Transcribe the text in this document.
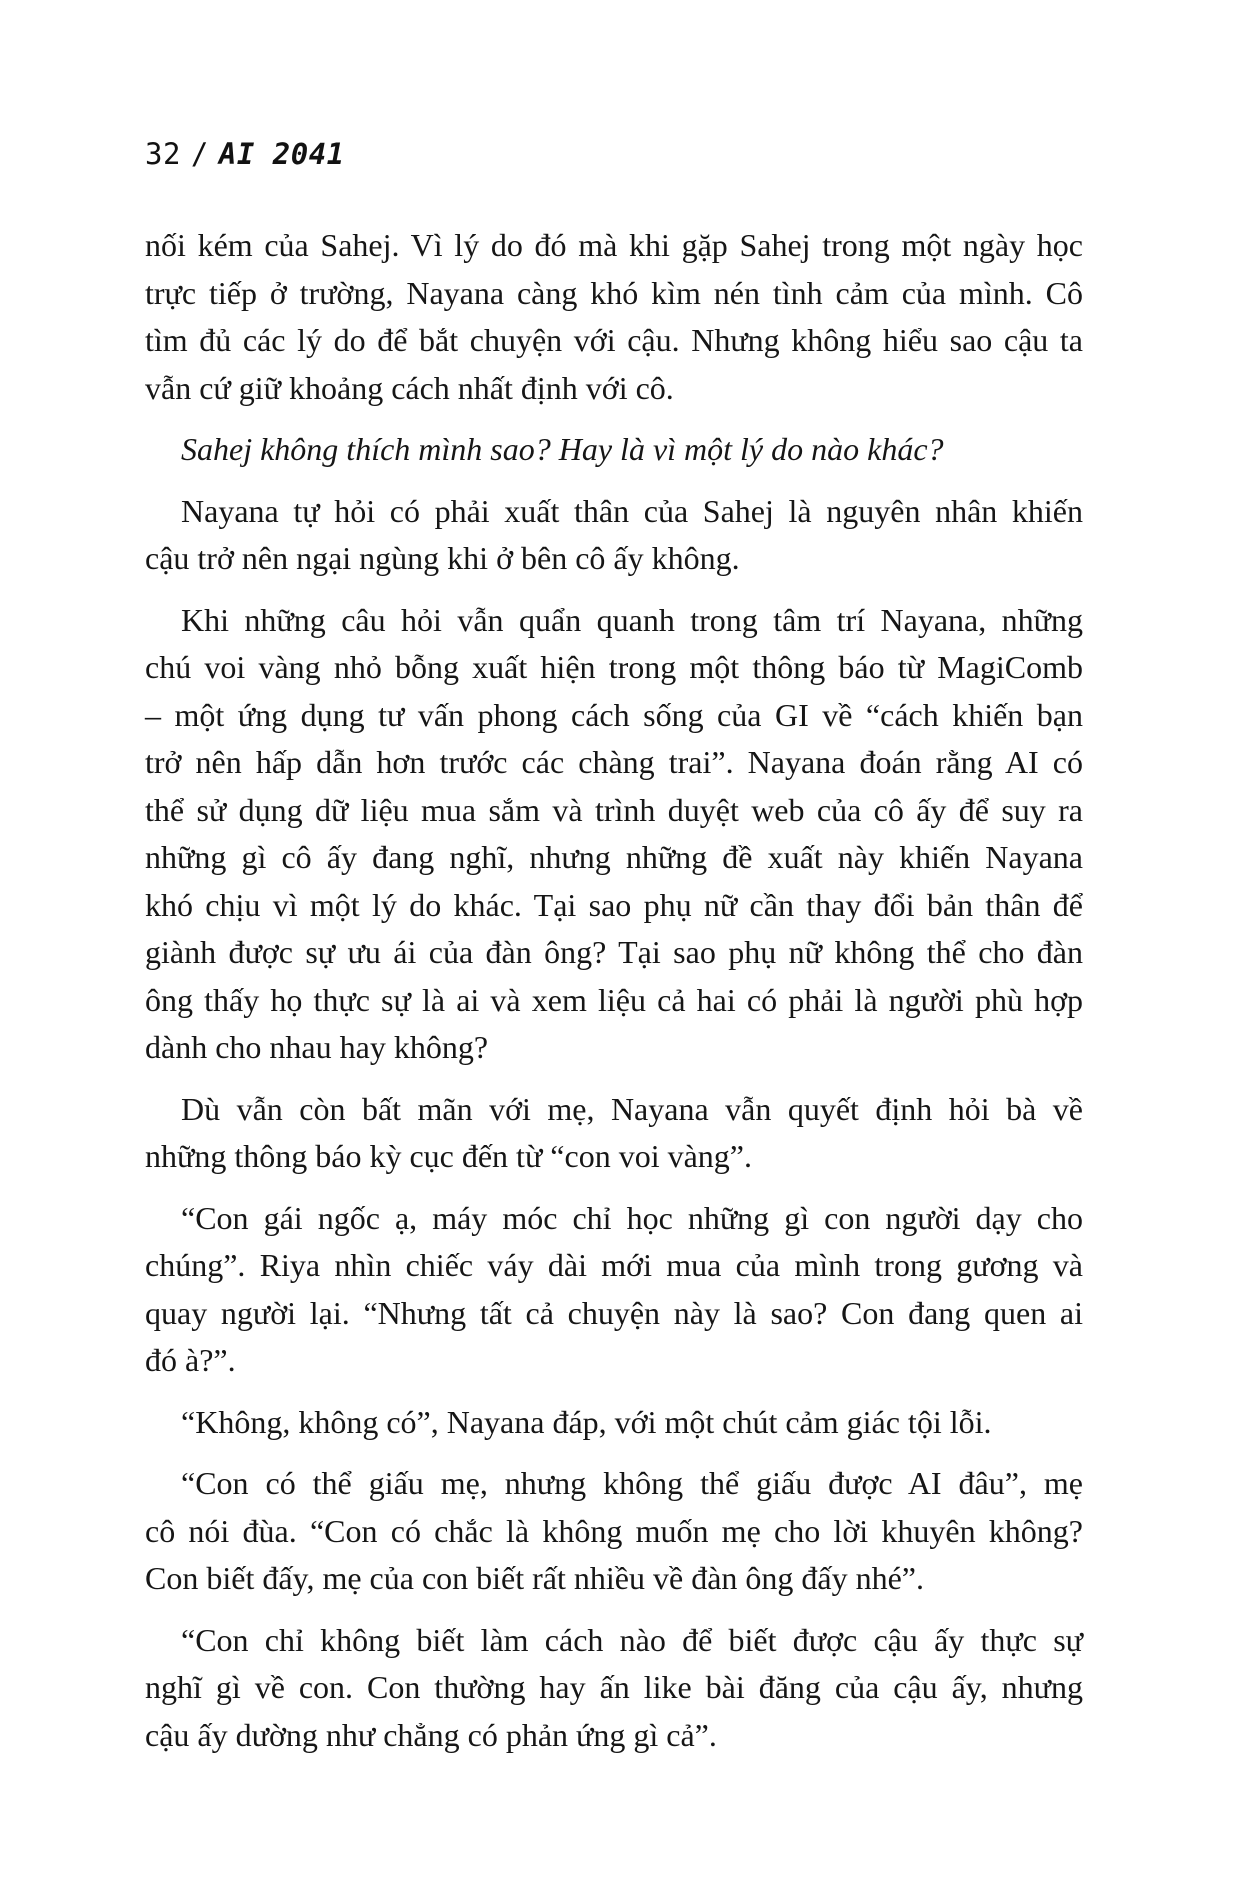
32 / AI 2041
nối kém của Sahej. Vì lý do đó mà khi gặp Sahej trong một ngày học
trực tiếp ở trường, Nayana càng khó kìm nén tình cảm của mình. Cô
tìm đủ các lý do để bắt chuyện với cậu. Nhưng không hiểu sao cậu ta
vẫn cứ giữ khoảng cách nhất định với cô.
Sahej không thích mình sao? Hay là vì một lý do nào khác?
Nayana tự hỏi có phải xuất thân của Sahej là nguyên nhân khiến
cậu trở nên ngại ngùng khi ở bên cô ấy không.
Khi những câu hỏi vẫn quẩn quanh trong tâm trí Nayana, những
chú voi vàng nhỏ bỗng xuất hiện trong một thông báo từ MagiComb
– một ứng dụng tư vấn phong cách sống của GI về “cách khiến bạn
trở nên hấp dẫn hơn trước các chàng trai”. Nayana đoán rằng AI có
thể sử dụng dữ liệu mua sắm và trình duyệt web của cô ấy để suy ra
những gì cô ấy đang nghĩ, nhưng những đề xuất này khiến Nayana
khó chịu vì một lý do khác. Tại sao phụ nữ cần thay đổi bản thân để
giành được sự ưu ái của đàn ông? Tại sao phụ nữ không thể cho đàn
ông thấy họ thực sự là ai và xem liệu cả hai có phải là người phù hợp
dành cho nhau hay không?
Dù vẫn còn bất mãn với mẹ, Nayana vẫn quyết định hỏi bà về
những thông báo kỳ cục đến từ “con voi vàng”.
“Con gái ngốc ạ, máy móc chỉ học những gì con người dạy cho
chúng”. Riya nhìn chiếc váy dài mới mua của mình trong gương và
quay người lại. “Nhưng tất cả chuyện này là sao? Con đang quen ai
đó à?”.
“Không, không có”, Nayana đáp, với một chút cảm giác tội lỗi.
“Con có thể giấu mẹ, nhưng không thể giấu được AI đâu”, mẹ
cô nói đùa. “Con có chắc là không muốn mẹ cho lời khuyên không?
Con biết đấy, mẹ của con biết rất nhiều về đàn ông đấy nhé”.
“Con chỉ không biết làm cách nào để biết được cậu ấy thực sự
nghĩ gì về con. Con thường hay ấn like bài đăng của cậu ấy, nhưng
cậu ấy dường như chẳng có phản ứng gì cả”.
